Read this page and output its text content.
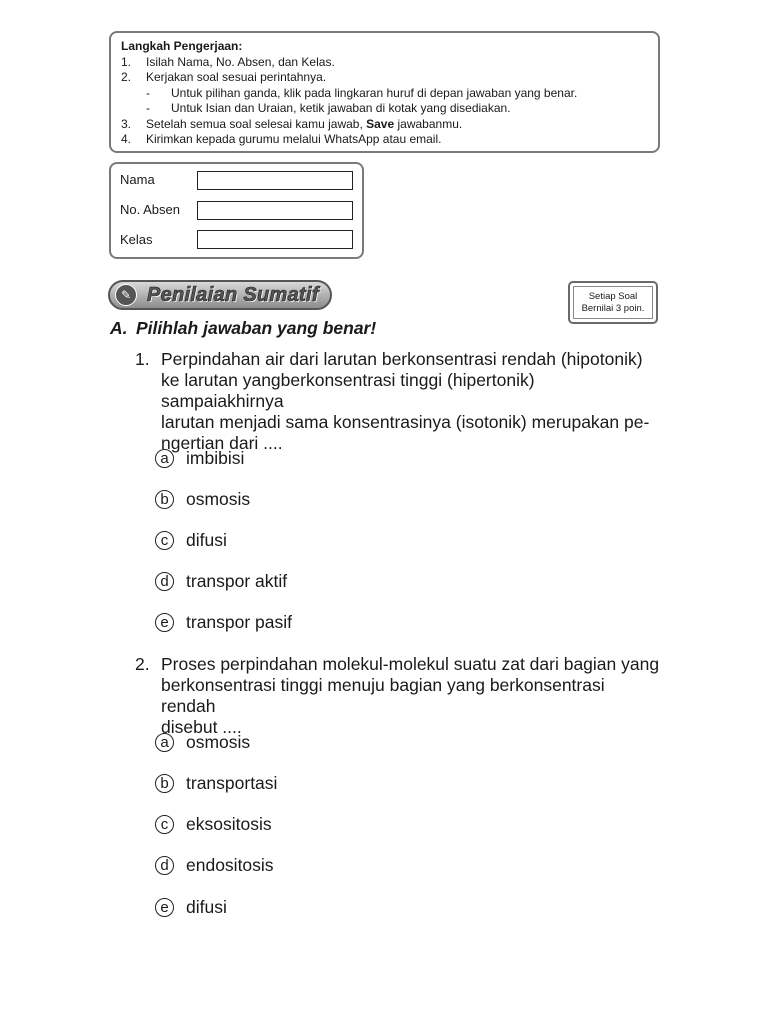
Langkah Pengerjaan:
1.	Isilah Nama, No. Absen, dan Kelas.
2.	Kerjakan soal sesuai perintahnya.
-	Untuk pilihan ganda, klik pada lingkaran huruf di depan jawaban yang benar.
-	Untuk Isian dan Uraian, ketik jawaban di kotak yang disediakan.
3.	Setelah semua soal selesai kamu jawab, Save jawabanmu.
4.	Kirimkan kepada gurumu melalui WhatsApp atau email.
Nama
No. Absen
Kelas
✎ Penilaian Sumatif	Setiap Soal
Bernilai 3 poin.
A. Pilihlah jawaban yang benar!
1. Perpindahan air dari larutan berkonsentrasi rendah (hipotonik)
ke larutan yangberkonsentrasi tinggi (hipertonik) sampaiakhirnya
larutan menjadi sama konsentrasinya (isotonik) merupakan pe-
ngertian dari ....
a imbibisi
b osmosis
c	difusi
d transpor aktif
e transpor pasif
2. Proses perpindahan molekul-molekul suatu zat dari bagian yang
berkonsentrasi tinggi menuju bagian yang berkonsentrasi rendah
disebut ....
a osmosis
b transportasi
c	eksositosis
d endositosis
e difusi
